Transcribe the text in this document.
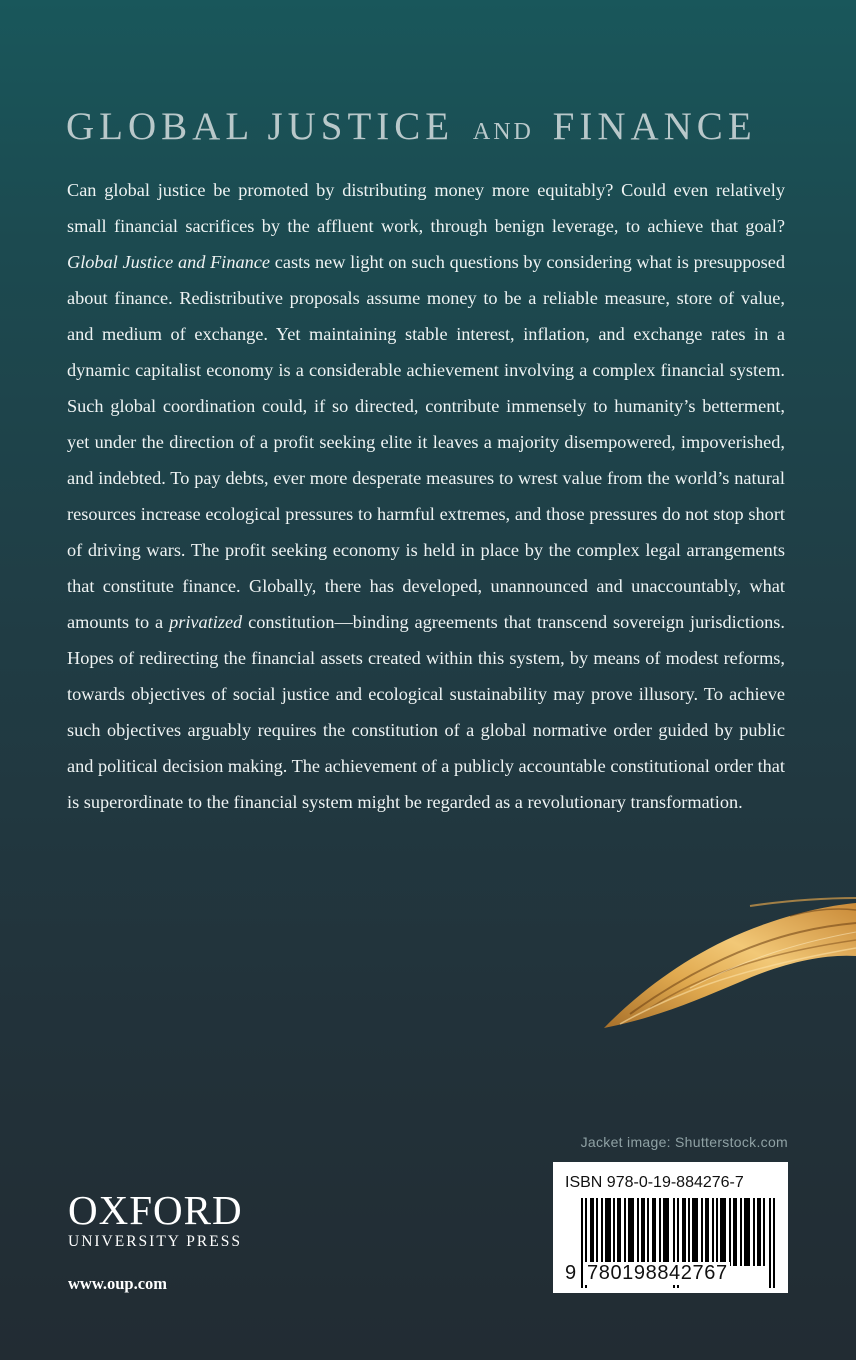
GLOBAL JUSTICE AND FINANCE

Can global justice be promoted by distributing money more equitably? Could even relatively small financial sacrifices by the affluent work, through benign leverage, to achieve that goal? Global Justice and Finance casts new light on such questions by considering what is presupposed about finance. Redistributive proposals assume money to be a reliable measure, store of value, and medium of exchange. Yet maintaining stable interest, inflation, and exchange rates in a dynamic capitalist economy is a considerable achievement involving a complex financial system. Such global coordination could, if so directed, contribute immensely to humanity’s betterment, yet under the direction of a profit seeking elite it leaves a majority disempowered, impoverished, and indebted. To pay debts, ever more desperate measures to wrest value from the world’s natural resources increase ecological pressures to harmful extremes, and those pressures do not stop short of driving wars. The profit seeking economy is held in place by the complex legal arrangements that constitute finance. Globally, there has developed, unannounced and unaccountably, what amounts to a privatized constitution—binding agreements that transcend sovereign jurisdictions. Hopes of redirecting the financial assets created within this system, by means of modest reforms, towards objectives of social justice and ecological sustainability may prove illusory. To achieve such objectives arguably requires the constitution of a global normative order guided by public and political decision making. The achievement of a publicly accountable constitutional order that is superordinate to the financial system might be regarded as a revolutionary transformation.

Jacket image: Shutterstock.com
ISBN 978-0-19-884276-7
9 780198842767
OXFORD
UNIVERSITY PRESS
www.oup.com
